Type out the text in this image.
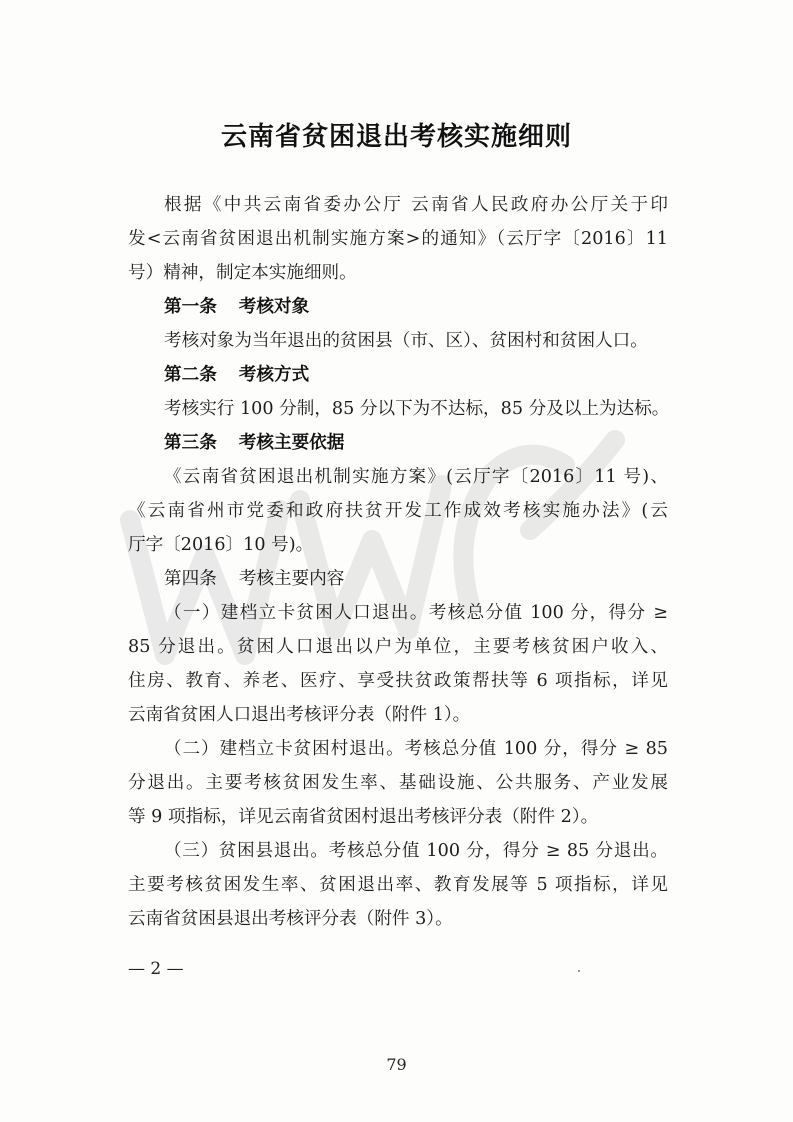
云南省贫困退出考核实施细则
根据《中共云南省委办公厅 云南省人民政府办公厅关于印
发<云南省贫困退出机制实施方案>的通知》（云厅字〔2016〕11
号）精神，制定本实施细则。
第一条 考核对象
考核对象为当年退出的贫困县（市、区）、贫困村和贫困人口。
第二条 考核方式
考核实行 100 分制，85 分以下为不达标，85 分及以上为达标。
第三条 考核主要依据
《云南省贫困退出机制实施方案》(云厅字〔2016〕11 号)、
《云南省州市党委和政府扶贫开发工作成效考核实施办法》(云
厅字〔2016〕10 号)。
第四条 考核主要内容
（一）建档立卡贫困人口退出。考核总分值 100 分，得分 ≥
85 分退出。贫困人口退出以户为单位，主要考核贫困户收入、
住房、教育、养老、医疗、享受扶贫政策帮扶等 6 项指标，详见
云南省贫困人口退出考核评分表（附件 1）。
（二）建档立卡贫困村退出。考核总分值 100 分，得分 ≥ 85
分退出。主要考核贫困发生率、基础设施、公共服务、产业发展
等 9 项指标，详见云南省贫困村退出考核评分表（附件 2）。
（三）贫困县退出。考核总分值 100 分，得分 ≥ 85 分退出。
主要考核贫困发生率、贫困退出率、教育发展等 5 项指标，详见
云南省贫困县退出考核评分表（附件 3）。
— 2 —
79
